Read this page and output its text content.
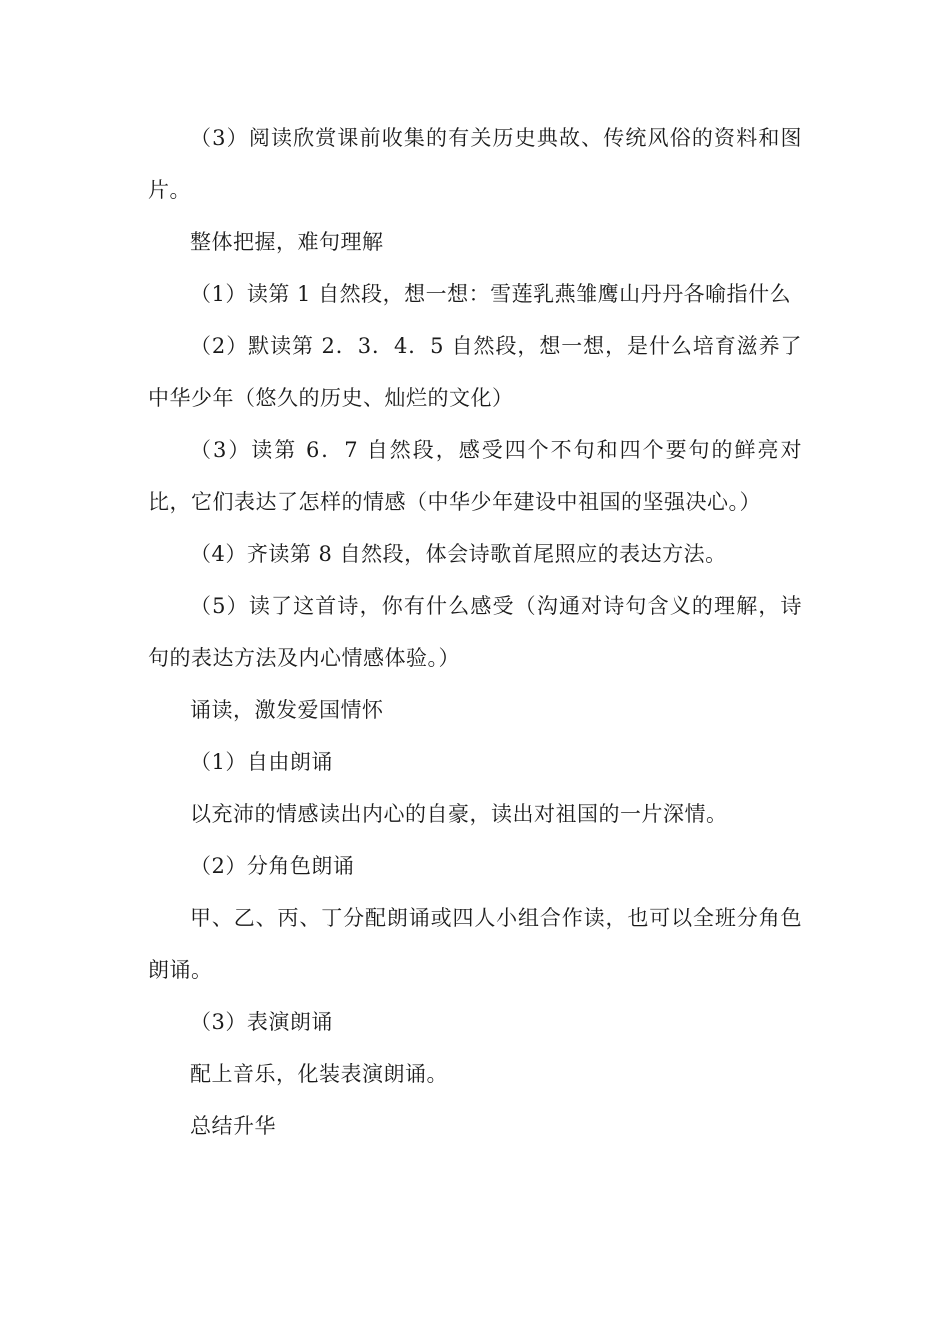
（3）阅读欣赏课前收集的有关历史典故、传统风俗的资料和图片。

整体把握，难句理解

（1）读第 1 自然段，想一想：雪莲乳燕雏鹰山丹丹各喻指什么

（2）默读第 2．3．4．5 自然段，想一想，是什么培育滋养了中华少年（悠久的历史、灿烂的文化）

（3）读第 6．7 自然段，感受四个不句和四个要句的鲜亮对比，它们表达了怎样的情感（中华少年建设中祖国的坚强决心。）

（4）齐读第 8 自然段，体会诗歌首尾照应的表达方法。

（5）读了这首诗，你有什么感受（沟通对诗句含义的理解，诗句的表达方法及内心情感体验。）

诵读，激发爱国情怀

（1）自由朗诵

以充沛的情感读出内心的自豪，读出对祖国的一片深情。

（2）分角色朗诵

甲、乙、丙、丁分配朗诵或四人小组合作读，也可以全班分角色朗诵。

（3）表演朗诵

配上音乐，化装表演朗诵。

总结升华
